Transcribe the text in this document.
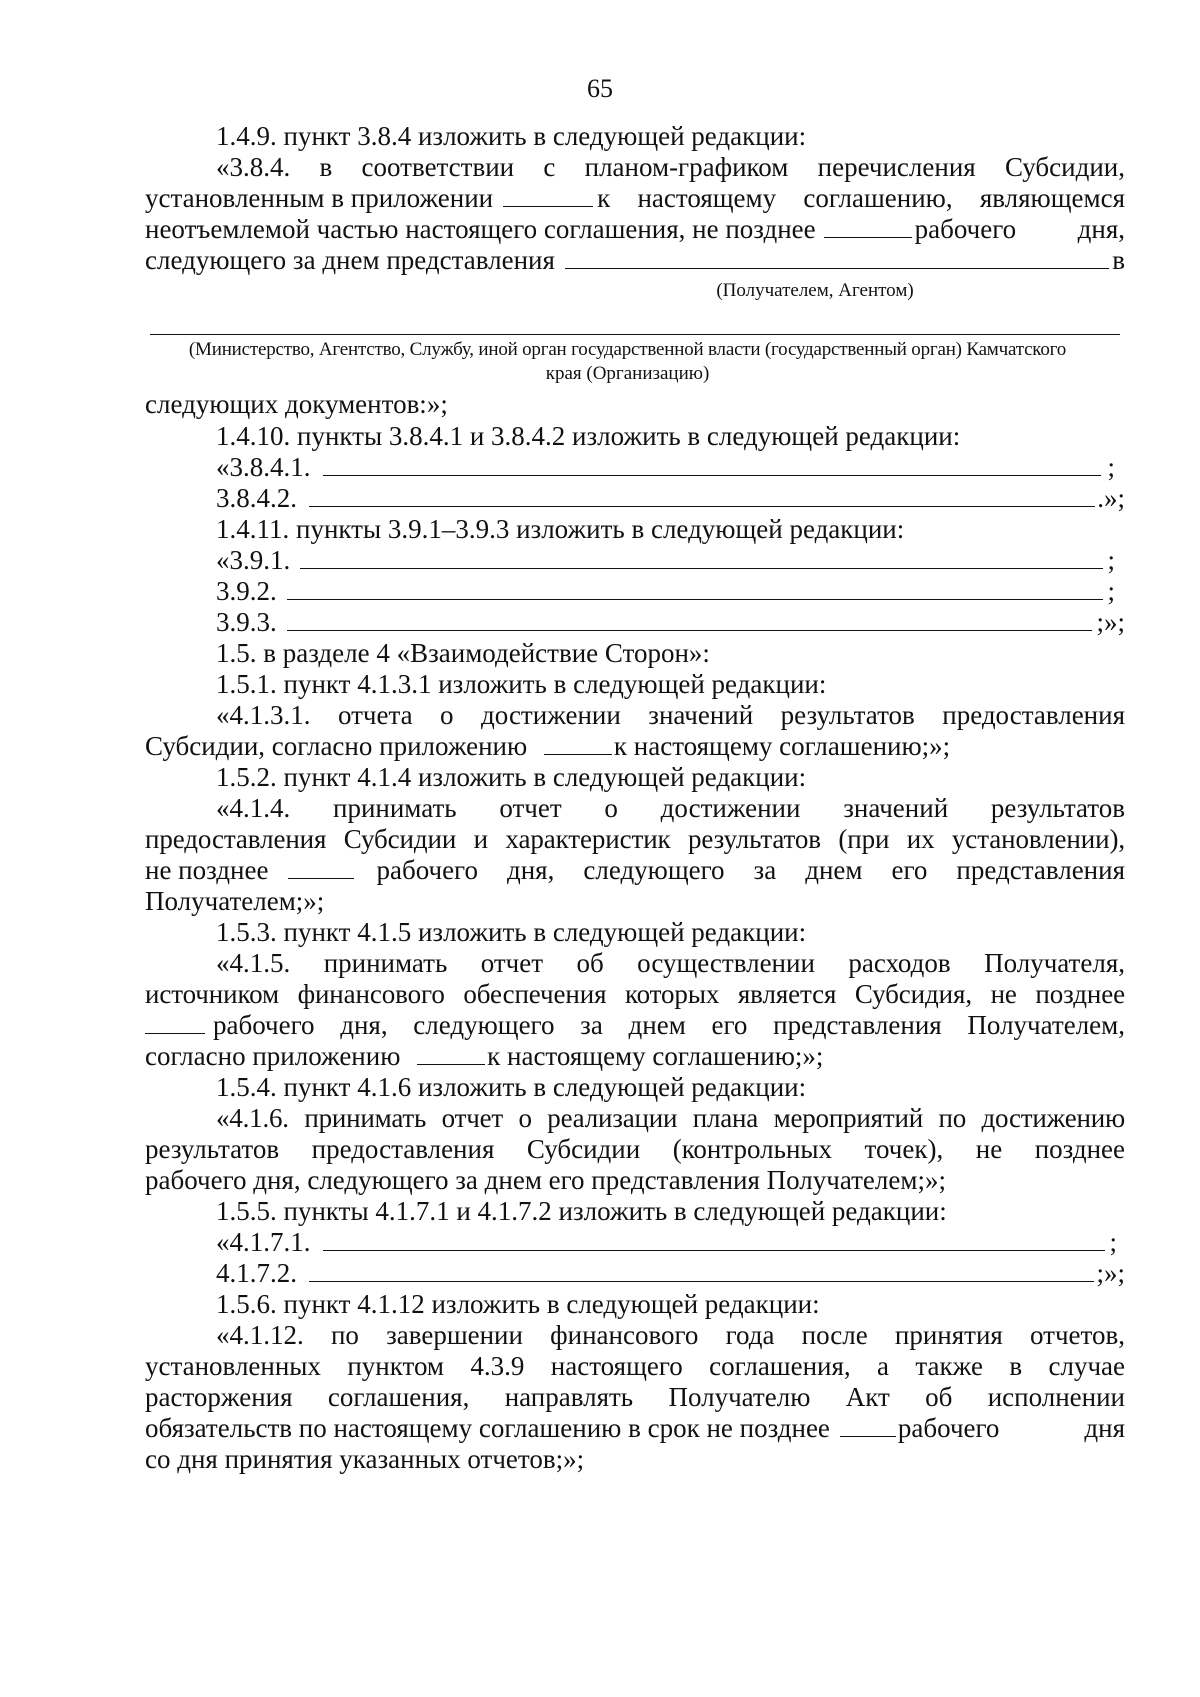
65
1.4.9. пункт 3.8.4 изложить в следующей редакции:
«3.8.4. в соответствии с планом-графиком перечисления Субсидии,
установленным в приложении	к настоящему соглашению, являющемся
неотъемлемой частью настоящего соглашения, не позднее	рабочего дня,
следующего за днем представления	в
(Получателем, Агентом)
(Министерство, Агентство, Службу, иной орган государственной власти (государственный орган) Камчатского
края (Организацию)
следующих документов:»;
1.4.10. пункты 3.8.4.1 и 3.8.4.2 изложить в следующей редакции:
«3.8.4.1.	;
3.8.4.2.	.»;
1.4.11. пункты 3.9.1–3.9.3 изложить в следующей редакции:
«3.9.1.	;
3.9.2.	;
3.9.3.	;»;
1.5. в разделе 4 «Взаимодействие Сторон»:
1.5.1. пункт 4.1.3.1 изложить в следующей редакции:
«4.1.3.1. отчета о достижении значений результатов предоставления
Субсидии, согласно приложению	к настоящему соглашению;»;
1.5.2. пункт 4.1.4 изложить в следующей редакции:
«4.1.4. принимать отчет о достижении значений результатов
предоставления Субсидии и характеристик результатов (при их установлении),
не позднее	рабочего дня, следующего за днем его представления
Получателем;»;
1.5.3. пункт 4.1.5 изложить в следующей редакции:
«4.1.5. принимать отчет об осуществлении расходов Получателя,
источником финансового обеспечения которых является Субсидия, не позднее
рабочего дня, следующего за днем его представления Получателем,
согласно приложению	к настоящему соглашению;»;
1.5.4. пункт 4.1.6 изложить в следующей редакции:
«4.1.6. принимать отчет о реализации плана мероприятий по достижению
результатов предоставления Субсидии (контрольных точек), не позднее
рабочего дня, следующего за днем его представления Получателем;»;
1.5.5. пункты 4.1.7.1 и 4.1.7.2 изложить в следующей редакции:
«4.1.7.1.	;
4.1.7.2.	;»;
1.5.6. пункт 4.1.12 изложить в следующей редакции:
«4.1.12. по завершении финансового года после принятия отчетов,
установленных пунктом 4.3.9 настоящего соглашения, а также в случае
расторжения соглашения, направлять Получателю Акт об исполнении
обязательств по настоящему соглашению в срок не позднее	рабочего дня
со дня принятия указанных отчетов;»;
